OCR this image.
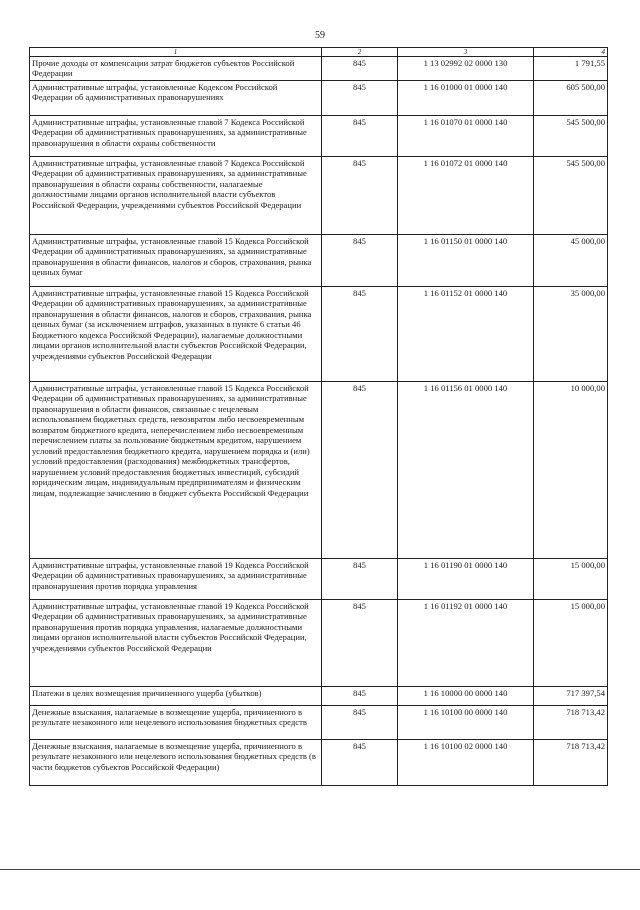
59
1	2	3	4
Прочие доходы от компенсации затрат бюджетов субъектов Российской Федерации	845	1 13 02992 02 0000 130	1 791,55
Административные штрафы, установленные Кодексом Российской Федерации об административных правонарушениях	845	1 16 01000 01 0000 140	605 500,00
Административные штрафы, установленные главой 7 Кодекса Российской Федерации об административных правонарушениях, за административные правонарушения в области охраны собственности	845	1 16 01070 01 0000 140	545 500,00
Административные штрафы, установленные главой 7 Кодекса Российской Федерации об административных правонарушениях, за административные правонарушения в области охраны собственности, налагаемые должностными лицами органов исполнительной власти субъектов Российской Федерации, учреждениями субъектов Российской Федерации	845	1 16 01072 01 0000 140	545 500,00
Административные штрафы, установленные главой 15 Кодекса Российской Федерации об административных правонарушениях, за административные правонарушения в области финансов, налогов и сборов, страхования, рынка ценных бумаг	845	1 16 01150 01 0000 140	45 000,00
Административные штрафы, установленные главой 15 Кодекса Российской Федерации об административных правонарушениях, за административные правонарушения в области финансов, налогов и сборов, страхования, рынка ценных бумаг (за исключением штрафов, указанных в пункте 6 статьи 46 Бюджетного кодекса Российской Федерации), налагаемые должностными лицами органов исполнительной власти субъектов Российской Федерации, учреждениями субъектов Российской Федерации	845	1 16 01152 01 0000 140	35 000,00
Административные штрафы, установленные главой 15 Кодекса Российской Федерации об административных правонарушениях, за административные правонарушения в области финансов, связанные с нецелевым использованием бюджетных средств, невозвратом либо несвоевременным возвратом бюджетного кредита, неперечислением либо несвоевременным перечислением платы за пользование бюджетным кредитом, нарушением условий предоставления бюджетного кредита, нарушением порядка и (или) условий предоставления (расходования) межбюджетных трансфертов, нарушением условий предоставления бюджетных инвестиций, субсидий юридическим лицам, индивидуальным предпринимателям и физическим лицам, подлежащие зачислению в бюджет субъекта Российской Федерации	845	1 16 01156 01 0000 140	10 000,00
Административные штрафы, установленные главой 19 Кодекса Российской Федерации об административных правонарушениях, за административные правонарушения против порядка управления	845	1 16 01190 01 0000 140	15 000,00
Административные штрафы, установленные главой 19 Кодекса Российской Федерации об административных правонарушениях, за административные правонарушения против порядка управления, налагаемые должностными лицами органов исполнительной власти субъектов Российской Федерации, учреждениями субъектов Российской Федерации	845	1 16 01192 01 0000 140	15 000,00
Платежи в целях возмещения причиненного ущерба (убытков)	845	1 16 10000 00 0000 140	717 397,54
Денежные взыскания, налагаемые в возмещение ущерба, причиненного в результате незаконного или нецелевого использования бюджетных средств	845	1 16 10100 00 0000 140	718 713,42
Денежные взыскания, налагаемые в возмещение ущерба, причиненного в результате незаконного или нецелевого использования бюджетных средств (в части бюджетов субъектов Российской Федерации)	845	1 16 10100 02 0000 140	718 713,42
